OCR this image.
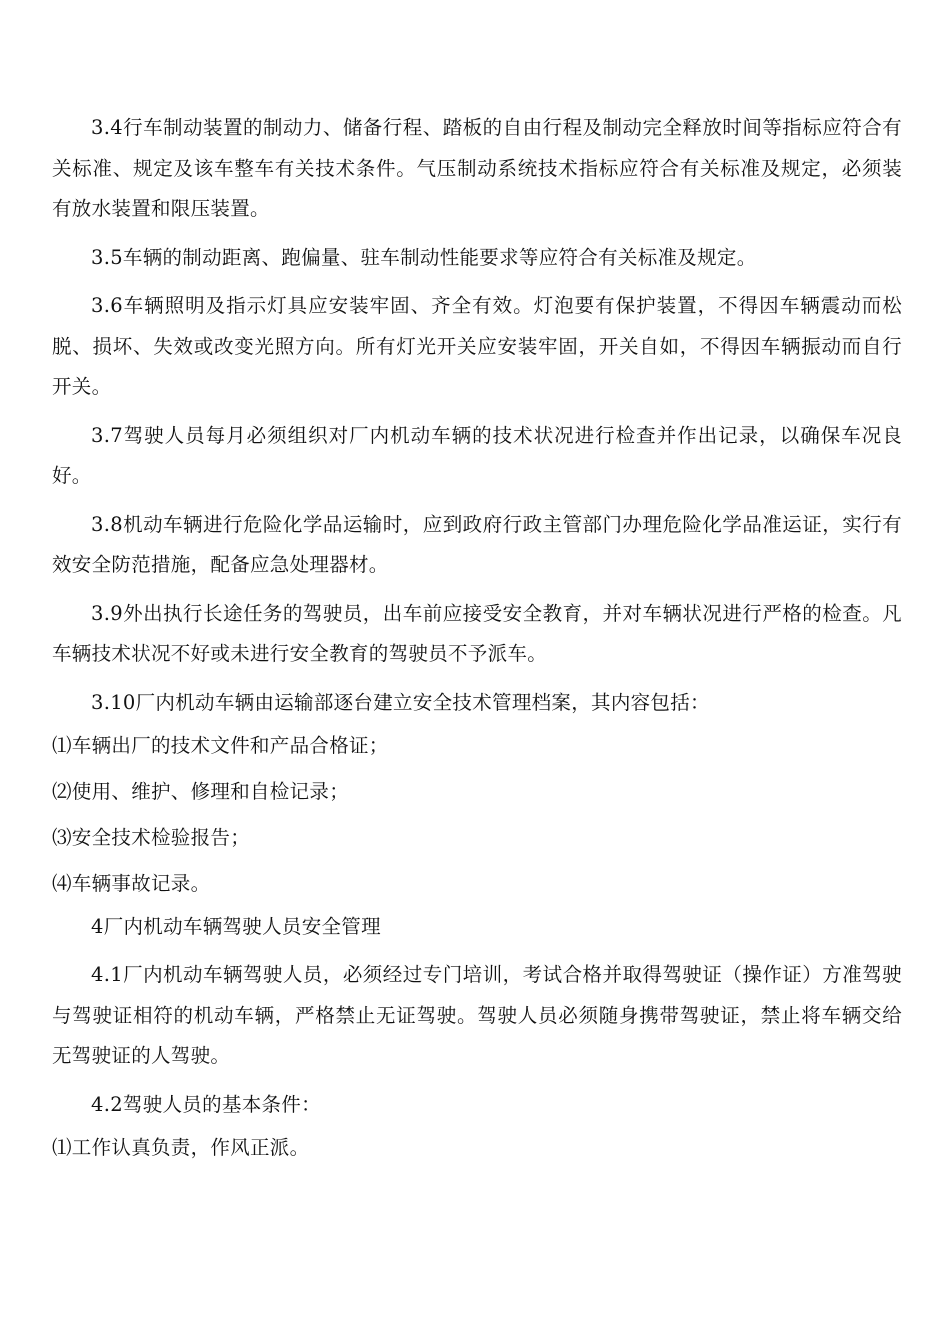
3.4行车制动装置的制动力、储备行程、踏板的自由行程及制动完全释放时间等指标应符合有关标准、规定及该车整车有关技术条件。气压制动系统技术指标应符合有关标准及规定，必须装有放水装置和限压装置。

3.5车辆的制动距离、跑偏量、驻车制动性能要求等应符合有关标准及规定。

3.6车辆照明及指示灯具应安装牢固、齐全有效。灯泡要有保护装置，不得因车辆震动而松脱、损坏、失效或改变光照方向。所有灯光开关应安装牢固，开关自如，不得因车辆振动而自行开关。

3.7驾驶人员每月必须组织对厂内机动车辆的技术状况进行检查并作出记录，以确保车况良好。

3.8机动车辆进行危险化学品运输时，应到政府行政主管部门办理危险化学品准运证，实行有效安全防范措施，配备应急处理器材。

3.9外出执行长途任务的驾驶员，出车前应接受安全教育，并对车辆状况进行严格的检查。凡车辆技术状况不好或未进行安全教育的驾驶员不予派车。

3.10厂内机动车辆由运输部逐台建立安全技术管理档案，其内容包括：

⑴车辆出厂的技术文件和产品合格证；

⑵使用、维护、修理和自检记录；

⑶安全技术检验报告；

⑷车辆事故记录。

4厂内机动车辆驾驶人员安全管理

4.1厂内机动车辆驾驶人员，必须经过专门培训，考试合格并取得驾驶证（操作证）方准驾驶与驾驶证相符的机动车辆，严格禁止无证驾驶。驾驶人员必须随身携带驾驶证，禁止将车辆交给无驾驶证的人驾驶。

4.2驾驶人员的基本条件：

⑴工作认真负责，作风正派。
